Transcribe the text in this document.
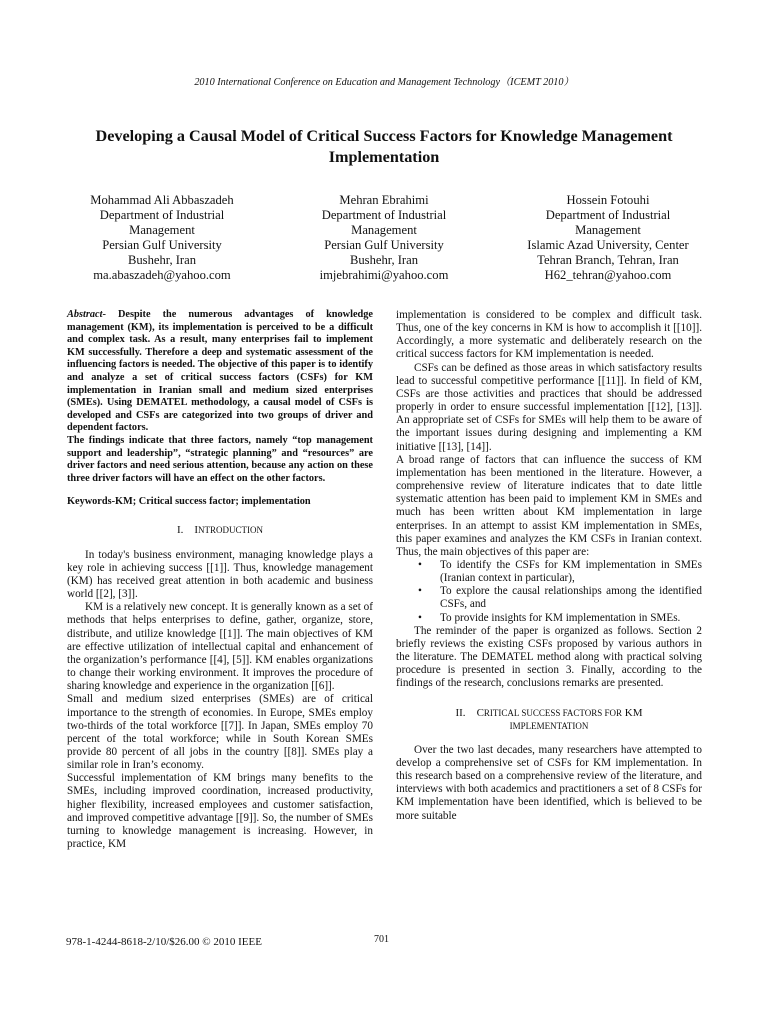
2010 International Conference on Education and Management Technology（ICEMT 2010）
Developing a Causal Model of Critical Success Factors for Knowledge Management Implementation
Mohammad Ali Abbaszadeh
Department of Industrial
Management
Persian Gulf University
Bushehr, Iran
ma.abaszadeh@yahoo.com
Mehran Ebrahimi
Department of Industrial
Management
Persian Gulf University
Bushehr, Iran
imjebrahimi@yahoo.com
Hossein Fotouhi
Department of Industrial
Management
Islamic Azad University, Center
Tehran Branch, Tehran, Iran
H62_tehran@yahoo.com

Abstract- Despite the numerous advantages of knowledge management (KM), its implementation is perceived to be a difficult and complex task. As a result, many enterprises fail to implement KM successfully. Therefore a deep and systematic assessment of the influencing factors is needed. The objective of this paper is to identify and analyze a set of critical success factors (CSFs) for KM implementation in Iranian small and medium sized enterprises (SMEs). Using DEMATEL methodology, a causal model of CSFs is developed and CSFs are categorized into two groups of driver and dependent factors.

The findings indicate that three factors, namely “top management support and leadership”, “strategic planning” and “resources” are driver factors and need serious attention, because any action on these three driver factors will have an effect on the other factors.

Keywords-KM; Critical success factor; implementation

I. INTRODUCTION

In today's business environment, managing knowledge plays a key role in achieving success [[1]]. Thus, knowledge management (KM) has received great attention in both academic and business world [[2], [3]].

KM is a relatively new concept. It is generally known as a set of methods that helps enterprises to define, gather, organize, store, distribute, and utilize knowledge [[1]]. The main objectives of KM are effective utilization of intellectual capital and enhancement of the organization’s performance [[4], [5]]. KM enables organizations to change their working environment. It improves the procedure of sharing knowledge and experience in the organization [[6]].

Small and medium sized enterprises (SMEs) are of critical importance to the strength of economies. In Europe, SMEs employ two-thirds of the total workforce [[7]]. In Japan, SMEs employ 70 percent of the total workforce; while in South Korean SMEs provide 80 percent of all jobs in the country [[8]]. SMEs play a similar role in Iran’s economy.

Successful implementation of KM brings many benefits to the SMEs, including improved coordination, increased productivity, higher flexibility, increased employees and customer satisfaction, and improved competitive advantage [[9]]. So, the number of SMEs turning to knowledge management is increasing. However, in practice, KM

implementation is considered to be complex and difficult task. Thus, one of the key concerns in KM is how to accomplish it [[10]]. Accordingly, a more systematic and deliberately research on the critical success factors for KM implementation is needed.

CSFs can be defined as those areas in which satisfactory results lead to successful competitive performance [[11]]. In field of KM, CSFs are those activities and practices that should be addressed properly in order to ensure successful implementation [[12], [13]]. An appropriate set of CSFs for SMEs will help them to be aware of the important issues during designing and implementing a KM initiative [[13], [14]].

A broad range of factors that can influence the success of KM implementation has been mentioned in the literature. However, a comprehensive review of literature indicates that to date little systematic attention has been paid to implement KM in SMEs and much has been written about KM implementation in large enterprises. In an attempt to assist KM implementation in SMEs, this paper examines and analyzes the KM CSFs in Iranian context. Thus, the main objectives of this paper are:

• To identify the CSFs for KM implementation in SMEs (Iranian context in particular),
• To explore the causal relationships among the identified CSFs, and
• To provide insights for KM implementation in SMEs.

The reminder of the paper is organized as follows. Section 2 briefly reviews the existing CSFs proposed by various authors in the literature. The DEMATEL method along with practical solving procedure is presented in section 3. Finally, according to the findings of the research, conclusions remarks are presented.

II. CRITICAL SUCCESS FACTORS FOR KM
IMPLEMENTATION

Over the two last decades, many researchers have attempted to develop a comprehensive set of CSFs for KM implementation. In this research based on a comprehensive review of the literature, and interviews with both academics and practitioners a set of 8 CSFs for KM implementation have been identified, which is believed to be more suitable

978-1-4244-8618-2/10/$26.00 © 2010 IEEE	701
